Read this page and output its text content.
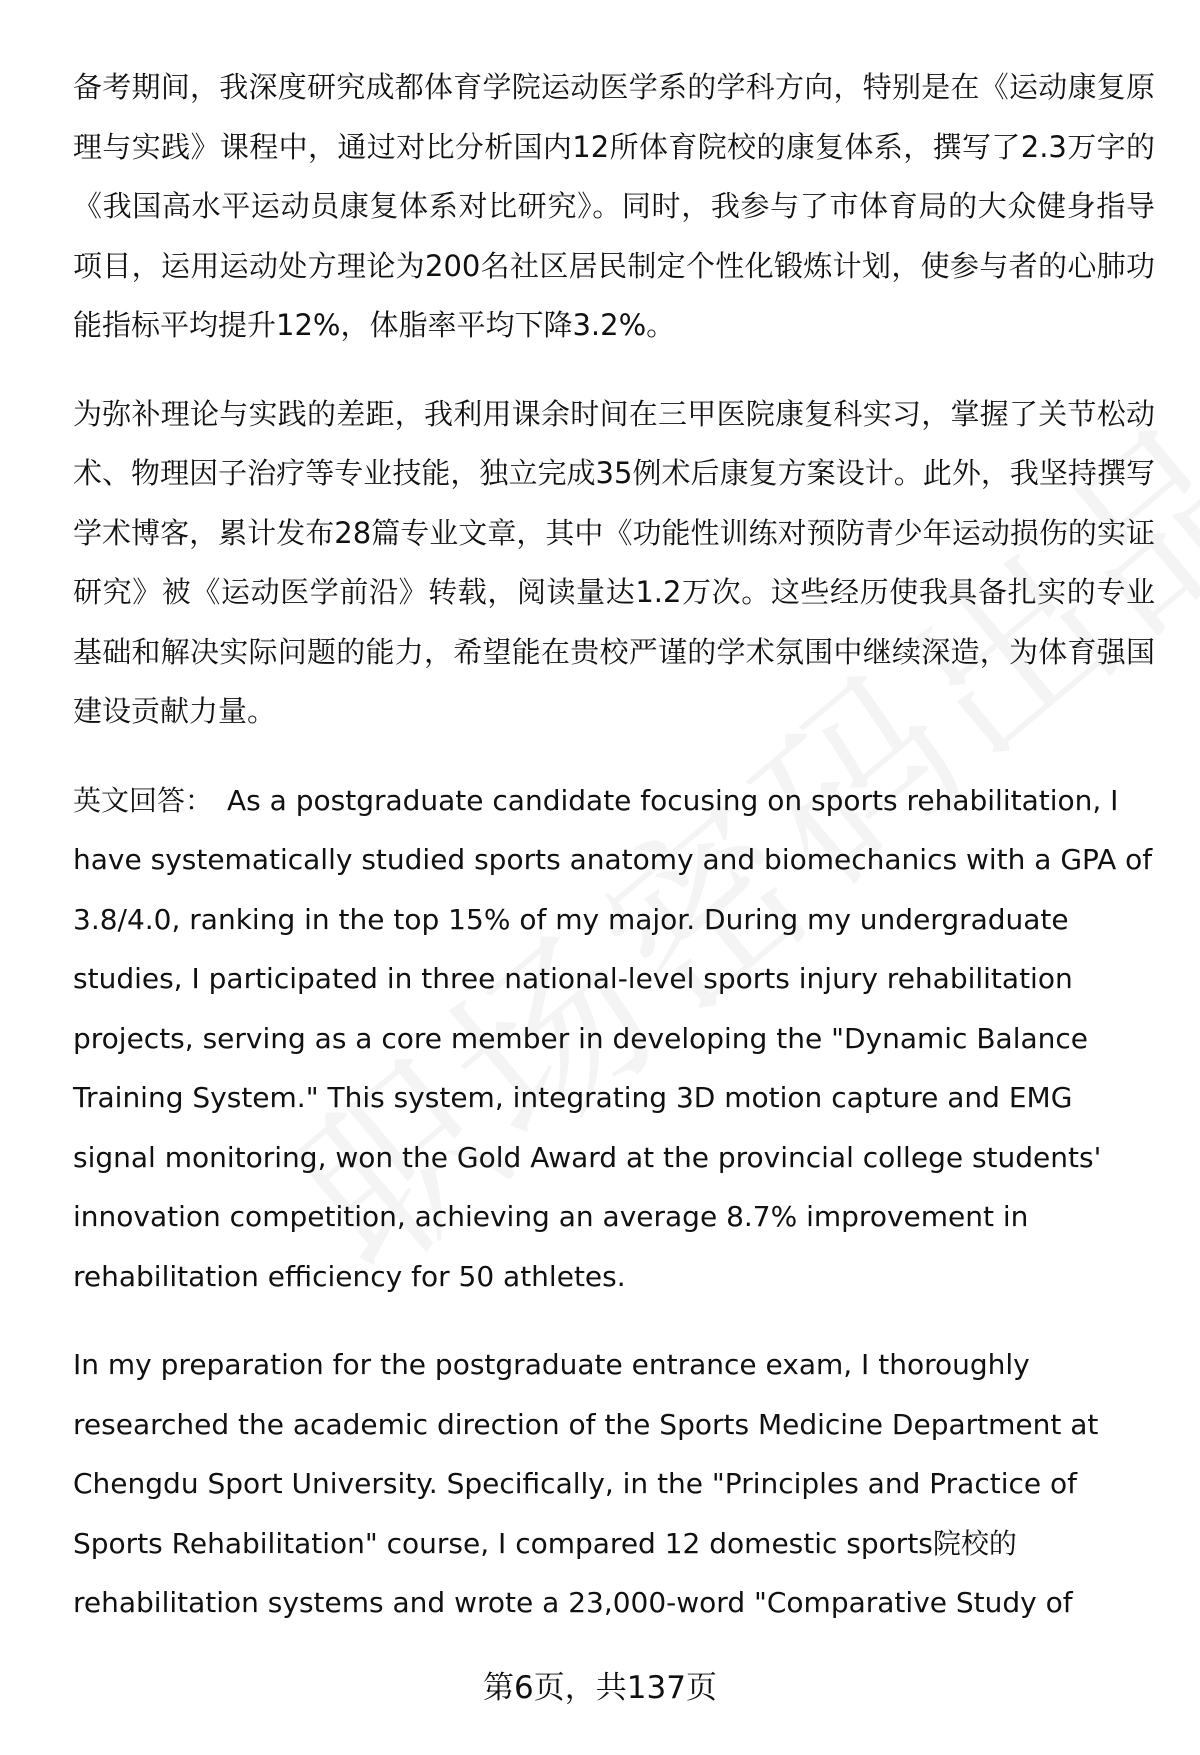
备考期间，我深度研究成都体育学院运动医学系的学科方向，特别是在《运动康复原理与实践》课程中，通过对比分析国内12所体育院校的康复体系，撰写了2.3万字的《我国高水平运动员康复体系对比研究》。同时，我参与了市体育局的大众健身指导项目，运用运动处方理论为200名社区居民制定个性化锻炼计划，使参与者的心肺功能指标平均提升12%，体脂率平均下降3.2%。

为弥补理论与实践的差距，我利用课余时间在三甲医院康复科实习，掌握了关节松动术、物理因子治疗等专业技能，独立完成35例术后康复方案设计。此外，我坚持撰写学术博客，累计发布28篇专业文章，其中《功能性训练对预防青少年运动损伤的实证研究》被《运动医学前沿》转载，阅读量达1.2万次。这些经历使我具备扎实的专业基础和解决实际问题的能力，希望能在贵校严谨的学术氛围中继续深造，为体育强国建设贡献力量。

英文回答： As a postgraduate candidate focusing on sports rehabilitation, I have systematically studied sports anatomy and biomechanics with a GPA of 3.8/4.0, ranking in the top 15% of my major. During my undergraduate studies, I participated in three national-level sports injury rehabilitation projects, serving as a core member in developing the "Dynamic Balance Training System." This system, integrating 3D motion capture and EMG signal monitoring, won the Gold Award at the provincial college students' innovation competition, achieving an average 8.7% improvement in rehabilitation efficiency for 50 athletes.

In my preparation for the postgraduate entrance exam, I thoroughly researched the academic direction of the Sports Medicine Department at Chengdu Sport University. Specifically, in the "Principles and Practice of Sports Rehabilitation" course, I compared 12 domestic sports院校的 rehabilitation systems and wrote a 23,000-word "Comparative Study of

第6页，共137页
